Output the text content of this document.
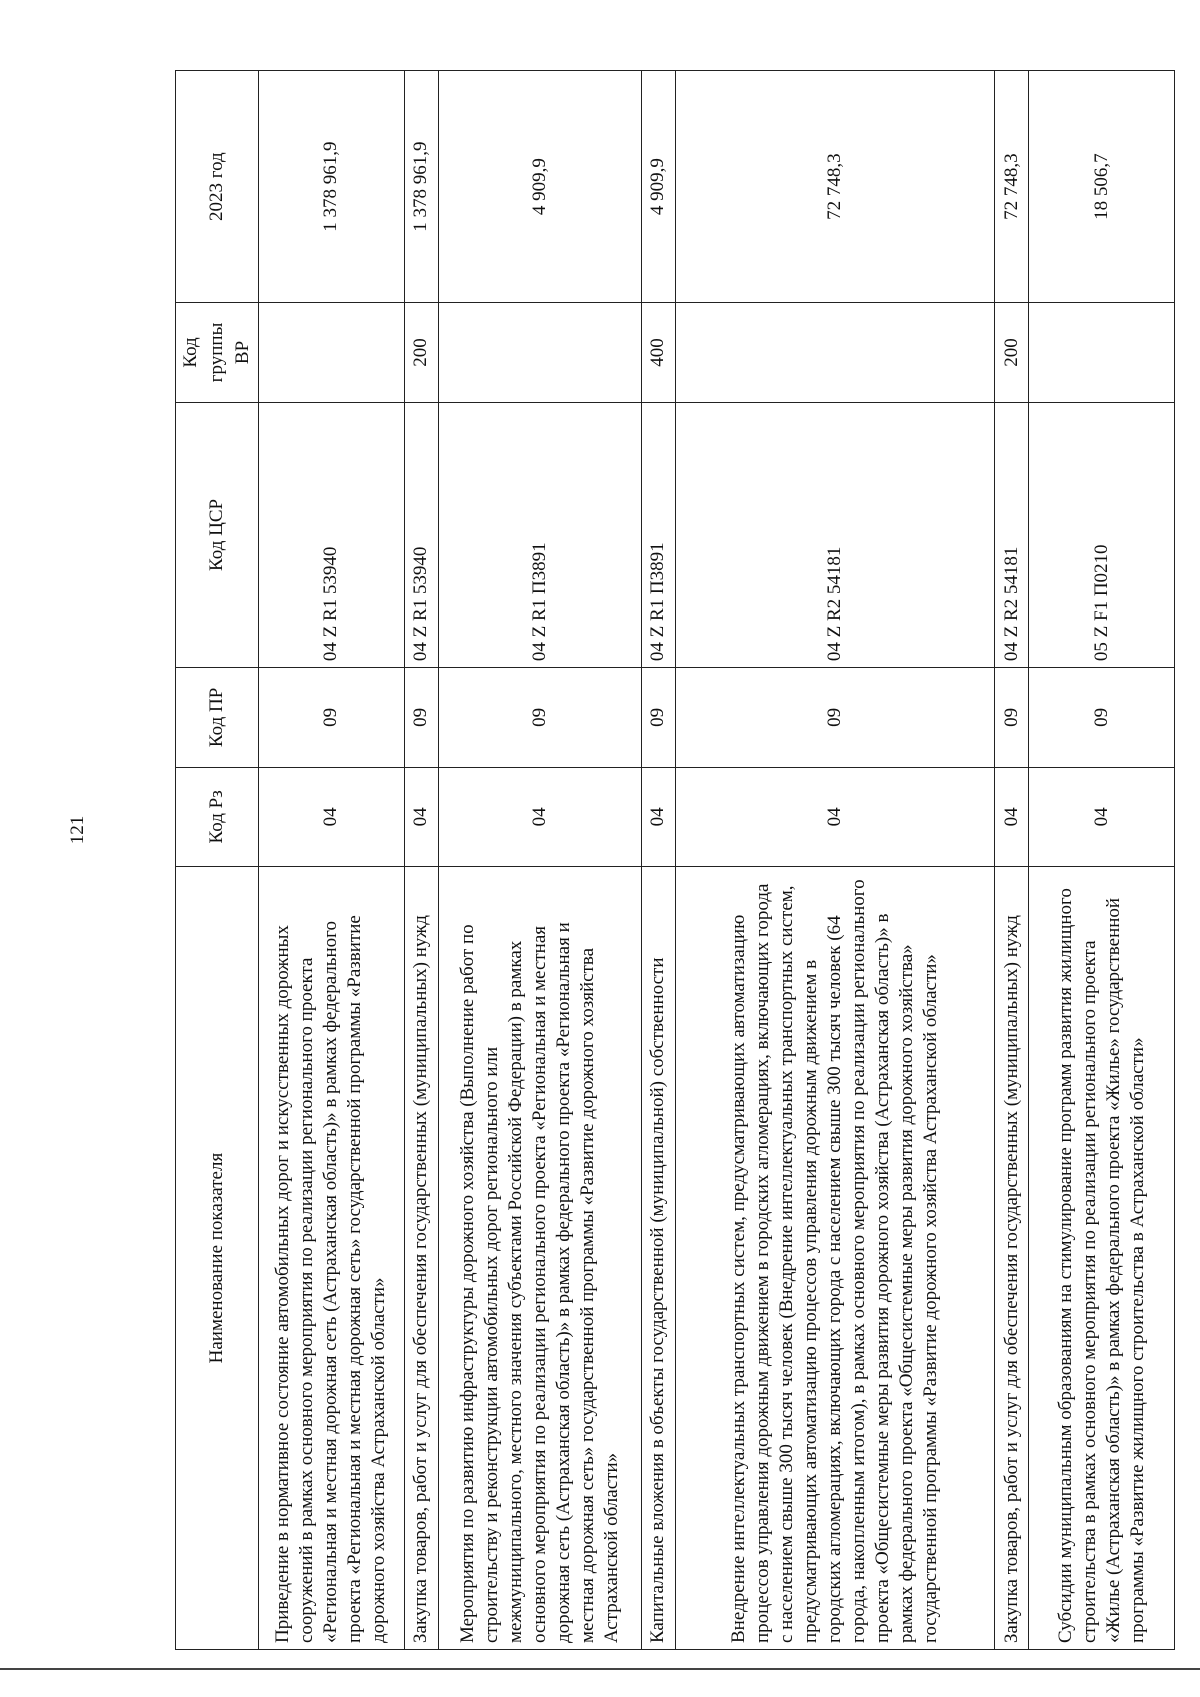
121
Наименование показателя	Код Рз	Код ПР	Код ЦСР	Код группы ВР	2023 год
Приведение в нормативное состояние автомобильных дорог и искусственных дорожных сооружений в рамках основного мероприятия по реализации регионального проекта «Региональная и местная дорожная сеть (Астраханская область)» в рамках федерального проекта «Региональная и местная дорожная сеть» государственной программы «Развитие дорожного хозяйства Астраханской области»	04	09	04 Z R1 53940		1 378 961,9
Закупка товаров, работ и услуг для обеспечения государственных (муниципальных) нужд	04	09	04 Z R1 53940	200	1 378 961,9
Мероприятия по развитию инфраструктуры дорожного хозяйства (Выполнение работ по строительству и реконструкции автомобильных дорог регионального или межмуниципального, местного значения субъектами Российской Федерации) в рамках основного мероприятия по реализации регионального проекта «Региональная и местная дорожная сеть (Астраханская область)» в рамках федерального проекта «Региональная и местная дорожная сеть» государственной программы «Развитие дорожного хозяйства Астраханской области»	04	09	04 Z R1 П3891		4 909,9
Капитальные вложения в объекты государственной (муниципальной) собственности	04	09	04 Z R1 П3891	400	4 909,9
Внедрение интеллектуальных транспортных систем, предусматривающих автоматизацию процессов управления дорожным движением в городских агломерациях, включающих города с населением свыше 300 тысяч человек (Внедрение интеллектуальных транспортных систем, предусматривающих автоматизацию процессов управления дорожным движением в городских агломерациях, включающих города с населением свыше 300 тысяч человек (64 города, накопленным итогом), в рамках основного мероприятия по реализации регионального проекта «Общесистемные меры развития дорожного хозяйства (Астраханская область)» в рамках федерального проекта «Общесистемные меры развития дорожного хозяйства» государственной программы «Развитие дорожного хозяйства Астраханской области»	04	09	04 Z R2 54181		72 748,3
Закупка товаров, работ и услуг для обеспечения государственных (муниципальных) нужд	04	09	04 Z R2 54181	200	72 748,3
Субсидии муниципальным образованиям на стимулирование программ развития жилищного строительства в рамках основного мероприятия по реализации регионального проекта «Жилье (Астраханская область)» в рамках федерального проекта «Жилье» государственной программы «Развитие жилищного строительства в Астраханской области»	04	09	05 Z F1 П0210		18 506,7
